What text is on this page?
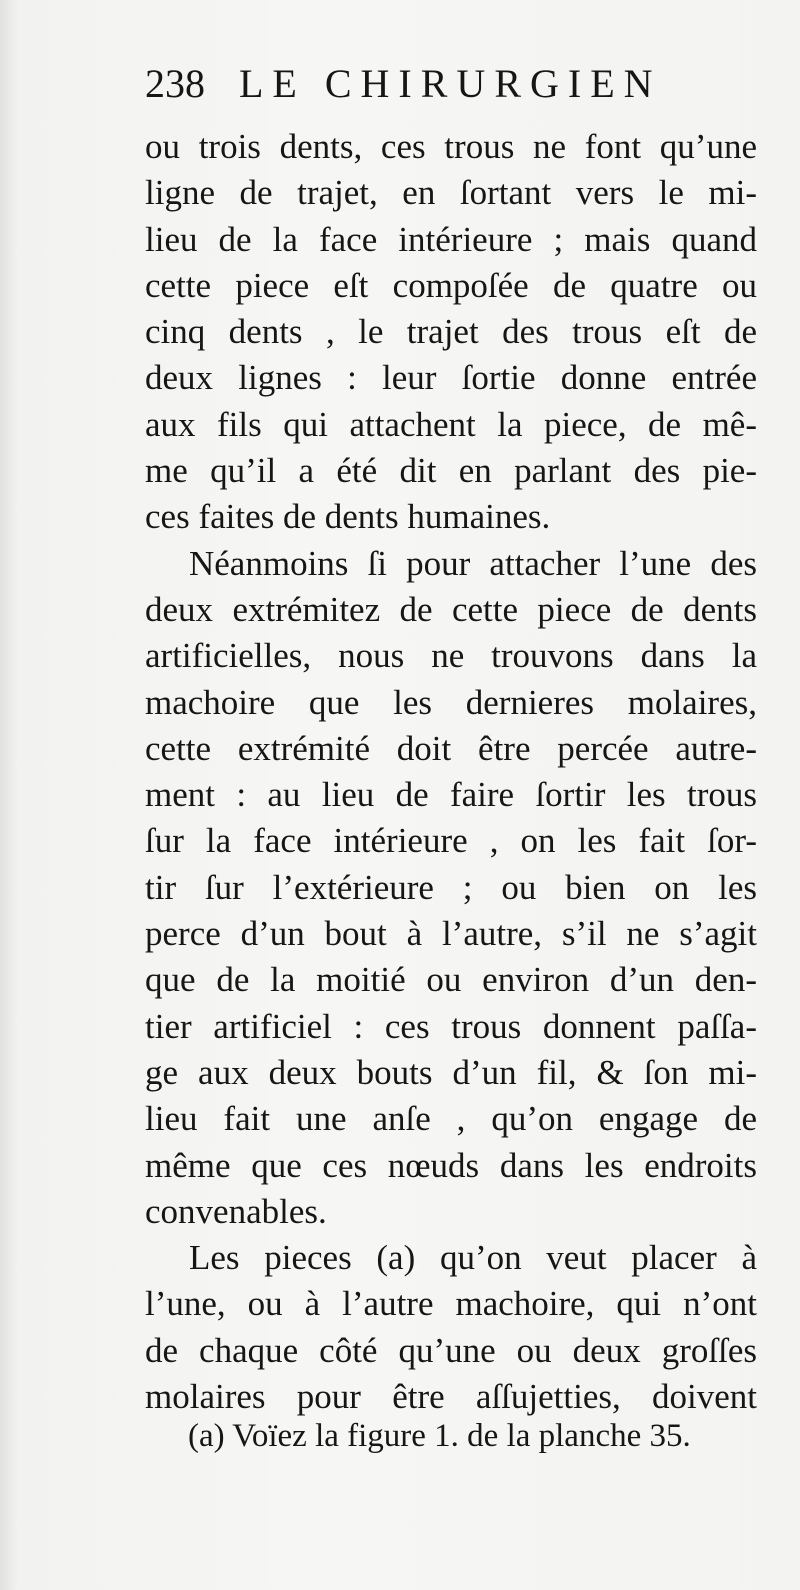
238 LE CHIRURGIEN
ou trois dents, ces trous ne font qu’une
ligne de trajet, en ſortant vers le mi-
lieu de la face intérieure ; mais quand
cette piece eſt compoſée de quatre ou
cinq dents , le trajet des trous eſt de
deux lignes : leur ſortie donne entrée
aux fils qui attachent la piece, de mê-
me qu’il a été dit en parlant des pie-
ces faites de dents humaines.
Néanmoins ſi pour attacher l’une des
deux extrémitez de cette piece de dents
artificielles, nous ne trouvons dans la
machoire que les dernieres molaires,
cette extrémité doit être percée autre-
ment : au lieu de faire ſortir les trous
ſur la face intérieure , on les fait ſor-
tir ſur l’extérieure ; ou bien on les
perce d’un bout à l’autre, s’il ne s’agit
que de la moitié ou environ d’un den-
tier artificiel : ces trous donnent paſſa-
ge aux deux bouts d’un fil, & ſon mi-
lieu fait une anſe , qu’on engage de
même que ces nœuds dans les endroits
convenables.
Les pieces (a) qu’on veut placer à
l’une, ou à l’autre machoire, qui n’ont
de chaque côté qu’une ou deux groſſes
molaires pour être aſſujetties, doivent
(a) Voïez la figure 1. de la planche 35.
